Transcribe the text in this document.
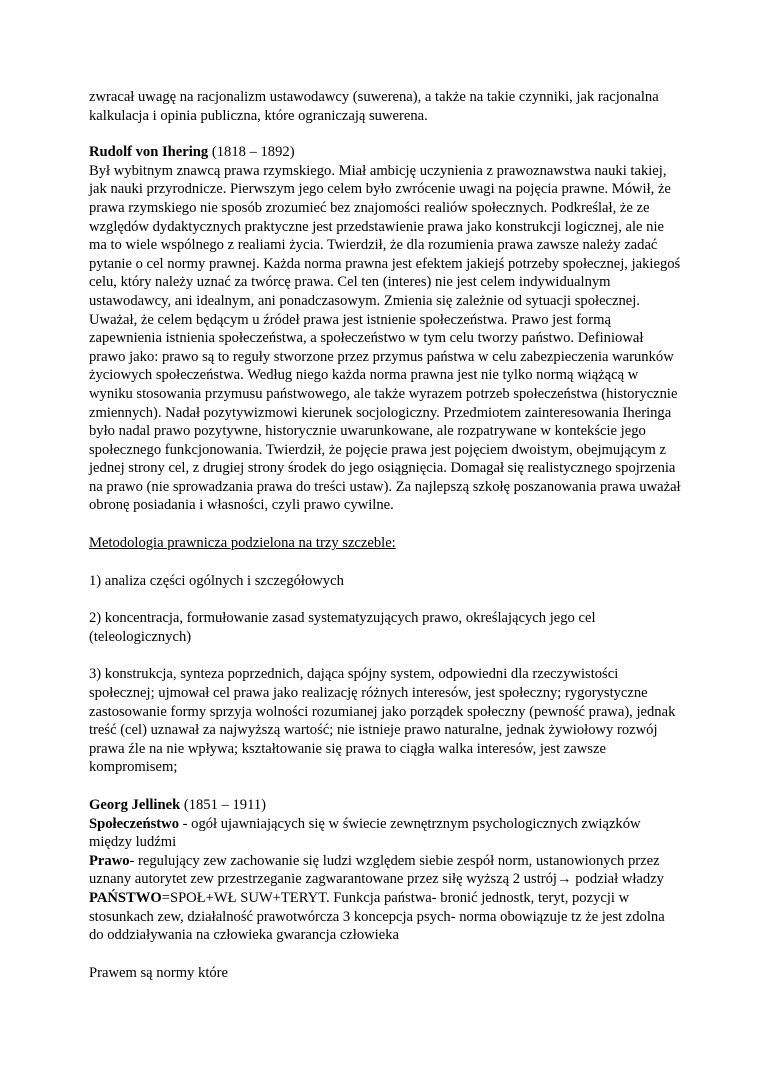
zwracał uwagę na racjonalizm ustawodawcy (suwerena), a także na takie czynniki, jak racjonalna kalkulacja i opinia publiczna, które ograniczają suwerena.

Rudolf von Ihering (1818 – 1892)

Był wybitnym znawcą prawa rzymskiego. Miał ambicję uczynienia z prawoznawstwa nauki takiej, jak nauki przyrodnicze. Pierwszym jego celem było zwrócenie uwagi na pojęcia prawne. Mówił, że prawa rzymskiego nie sposób zrozumieć bez znajomości realiów społecznych. Podkreślał, że ze względów dydaktycznych praktyczne jest przedstawienie prawa jako konstrukcji logicznej, ale nie ma to wiele wspólnego z realiami życia. Twierdził, że dla rozumienia prawa zawsze należy zadać pytanie o cel normy prawnej. Każda norma prawna jest efektem jakiejś potrzeby społecznej, jakiegoś celu, który należy uznać za twórcę prawa. Cel ten (interes) nie jest celem indywidualnym ustawodawcy, ani idealnym, ani ponadczasowym. Zmienia się zależnie od sytuacji społecznej. Uważał, że celem będącym u źródeł prawa jest istnienie społeczeństwa. Prawo jest formą zapewnienia istnienia społeczeństwa, a społeczeństwo w tym celu tworzy państwo. Definiował prawo jako: prawo są to reguły stworzone przez przymus państwa w celu zabezpieczenia warunków życiowych społeczeństwa. Według niego każda norma prawna jest nie tylko normą wiążącą w wyniku stosowania przymusu państwowego, ale także wyrazem potrzeb społeczeństwa (historycznie zmiennych). Nadał pozytywizmowi kierunek socjologiczny. Przedmiotem zainteresowania Iheringa było nadal prawo pozytywne, historycznie uwarunkowane, ale rozpatrywane w kontekście jego społecznego funkcjonowania. Twierdził, że pojęcie prawa jest pojęciem dwoistym, obejmującym z jednej strony cel, z drugiej strony środek do jego osiągnięcia. Domagał się realistycznego spojrzenia na prawo (nie sprowadzania prawa do treści ustaw). Za najlepszą szkołę poszanowania prawa uważał obronę posiadania i własności, czyli prawo cywilne.

Metodologia prawnicza podzielona na trzy szczeble:

1) analiza części ogólnych i szczegółowych

2) koncentracja, formułowanie zasad systematyzujących prawo, określających jego cel (teleologicznych)

3) konstrukcja, synteza poprzednich, dająca spójny system, odpowiedni dla rzeczywistości społecznej; ujmował cel prawa jako realizację różnych interesów, jest społeczny; rygorystyczne zastosowanie formy sprzyja wolności rozumianej jako porządek społeczny (pewność prawa), jednak treść (cel) uznawał za najwyższą wartość; nie istnieje prawo naturalne, jednak żywiołowy rozwój prawa źle na nie wpływa; kształtowanie się prawa to ciągła walka interesów, jest zawsze kompromisem;

Georg Jellinek (1851 – 1911)

Społeczeństwo - ogół ujawniających się w świecie zewnętrznym psychologicznych związków między ludźmi

Prawo- regulujący zew zachowanie się ludzi względem siebie zespół norm, ustanowionych przez uznany autorytet zew przestrzeganie zagwarantowane przez siłę wyższą 2 ustrój→ podział władzy

PAŃSTWO=SPOŁ+WŁ SUW+TERYT. Funkcja państwa- bronić jednostk, teryt, pozycji w stosunkach zew, działalność prawotwórcza 3 koncepcja psych- norma obowiązuje tz że jest zdolna do oddziaływania na człowieka gwarancja człowieka

Prawem są normy które
